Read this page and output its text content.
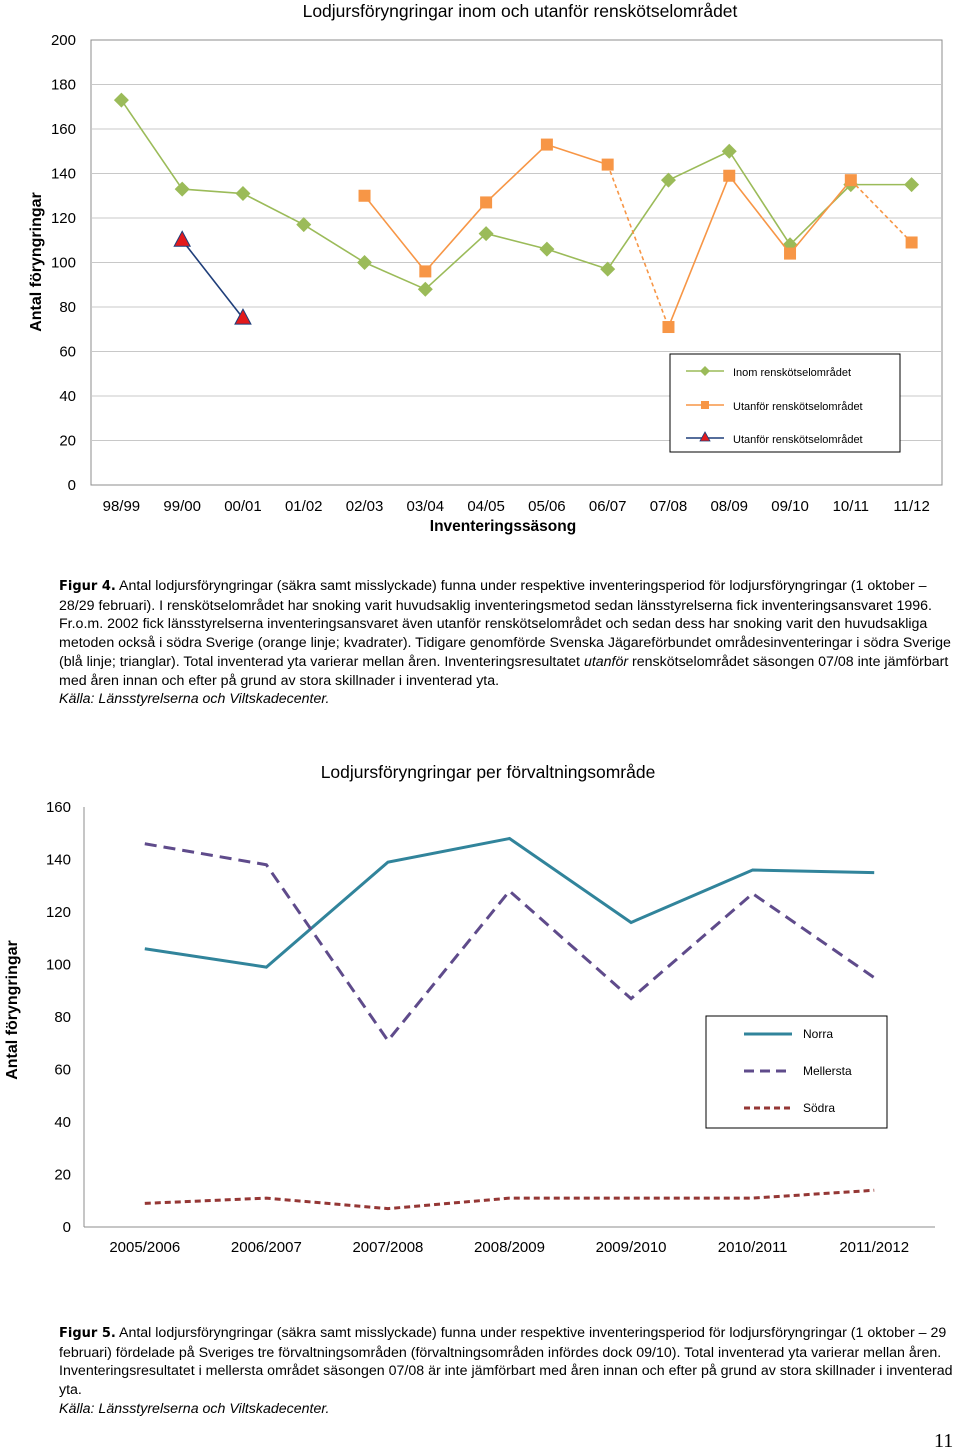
Lodjursföryngringar inom och utanför renskötselområdet
Antal föryngringar
Inventeringssäsong
0
20
40
60
80
100
120
140
160
180
200
98/99 99/00 00/01 01/02 02/03 03/04 04/05 05/06 06/07 07/08 08/09 09/10 10/11 11/12
Inom renskötselområdet
Utanför renskötselområdet
Utanför renskötselområdet
Figur 4. Antal lodjursföryngringar (säkra samt misslyckade) funna under respektive inventeringsperiod för lodjursföryngringar (1 oktober – 28/29 februari). I renskötselområdet har snoking varit huvudsaklig inventeringsmetod sedan länsstyrelserna fick inventeringsansvaret 1996. Fr.o.m. 2002 fick länsstyrelserna inventeringsansvaret även utanför renskötselområdet och sedan dess har snoking varit den huvudsakliga metoden också i södra Sverige (orange linje; kvadrater). Tidigare genomförde Svenska Jägareförbundet områdesinventeringar i södra Sverige (blå linje; trianglar). Total inventerad yta varierar mellan åren. Inventeringsresultatet utanför renskötselområdet säsongen 07/08 inte jämförbart med åren innan och efter på grund av stora skillnader i inventerad yta.
Källa: Länsstyrelserna och Viltskadecenter.
Lodjursföryngringar per förvaltningsområde
Antal föryngringar
0
20
40
60
80
100
120
140
160
2005/2006	2006/2007	2007/2008	2008/2009	2009/2010	2010/2011	2011/2012
Norra
Mellersta
Södra
Figur 5. Antal lodjursföryngringar (säkra samt misslyckade) funna under respektive inventeringsperiod för lodjursföryngringar (1 oktober – 29 februari) fördelade på Sveriges tre förvaltningsområden (förvaltningsområden infördes dock 09/10). Total inventerad yta varierar mellan åren. Inventeringsresultatet i mellersta området säsongen 07/08 är inte jämförbart med åren innan och efter på grund av stora skillnader i inventerad yta.
Källa: Länsstyrelserna och Viltskadecenter.
11
